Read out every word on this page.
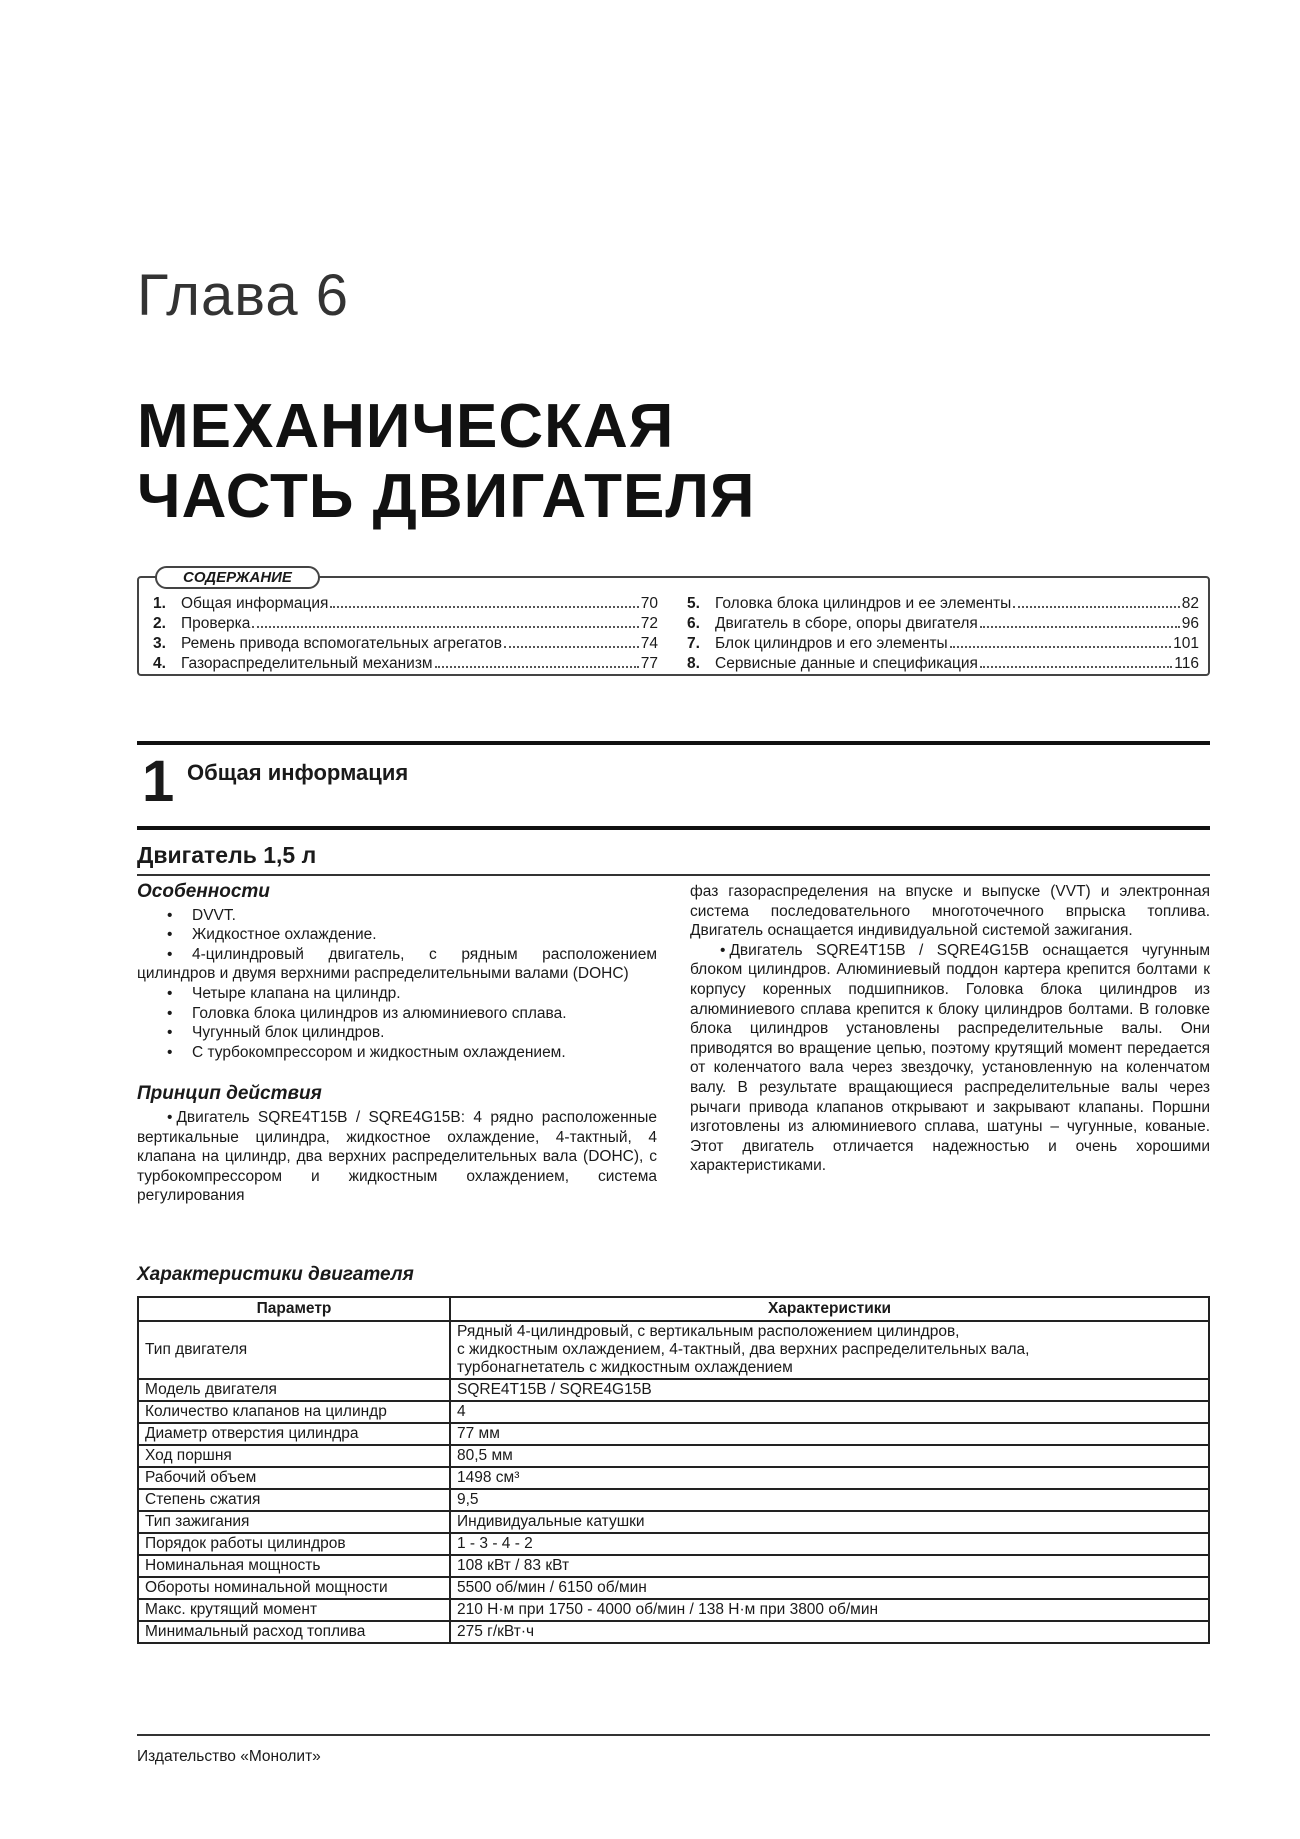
Глава 6
МЕХАНИЧЕСКАЯ
ЧАСТЬ ДВИГАТЕЛЯ
СОДЕРЖАНИЕ
1. Общая информация	70
2. Проверка	72
3. Ремень привода вспомогательных агрегатов	74
4. Газораспределительный механизм	77
5. Головка блока цилиндров и ее элементы	82
6. Двигатель в сборе, опоры двигателя	96
7. Блок цилиндров и его элементы	101
8. Сервисные данные и спецификация	116
1 Общая информация
Двигатель 1,5 л
Особенности
• DVVT.
• Жидкостное охлаждение.
• 4-цилиндровый двигатель, с рядным расположением цилиндров и двумя верхними распределительными валами (DOHC)
• Четыре клапана на цилиндр.
• Головка блока цилиндров из алюминиевого сплава.
• Чугунный блок цилиндров.
• С турбокомпрессором и жидкостным охлаждением.
Принцип действия

• Двигатель SQRE4T15B / SQRE4G15B: 4 рядно расположенные вертикальные цилиндра, жидкостное охлаждение, 4-тактный, 4 клапана на цилиндр, два верхних распределительных вала (DOHC), с турбокомпрессором и жидкостным охлаждением, система регулирования

фаз газораспределения на впуске и выпуске (VVT) и электронная система последовательного многоточечного впрыска топлива. Двигатель оснащается индивидуальной системой зажигания.

• Двигатель SQRE4T15B / SQRE4G15B оснащается чугунным блоком цилиндров. Алюминиевый поддон картера крепится болтами к корпусу коренных подшипников. Головка блока цилиндров из алюминиевого сплава крепится к блоку цилиндров болтами. В головке блока цилиндров установлены распределительные валы. Они приводятся во вращение цепью, поэтому крутящий момент передается от коленчатого вала через звездочку, установленную на коленчатом валу. В результате вращающиеся распределительные валы через рычаги привода клапанов открывают и закрывают клапаны. Поршни изготовлены из алюминиевого сплава, шатуны – чугунные, кованые. Этот двигатель отличается надежностью и очень хорошими характеристиками.

Характеристики двигателя
Параметр	Характеристики
Тип двигателя	Рядный 4-цилиндровый, с вертикальным расположением цилиндров,
с жидкостным охлаждением, 4-тактный, два верхних распределительных вала,
турбонагнетатель с жидкостным охлаждением

Модель двигателя	SQRE4T15B / SQRE4G15B
Количество клапанов на цилиндр	4
Диаметр отверстия цилиндра	77 мм
Ход поршня	80,5 мм
Рабочий объем	1498 см³
Степень сжатия	9,5
Тип зажигания	Индивидуальные катушки
Порядок работы цилиндров	1 - 3 - 4 - 2
Номинальная мощность	108 кВт / 83 кВт
Обороты номинальной мощности	5500 об/мин / 6150 об/мин
Макс. крутящий момент	210 Н·м при 1750 - 4000 об/мин / 138 Н·м при 3800 об/мин
Минимальный расход топлива	275 г/кВт·ч
Издательство «Монолит»
